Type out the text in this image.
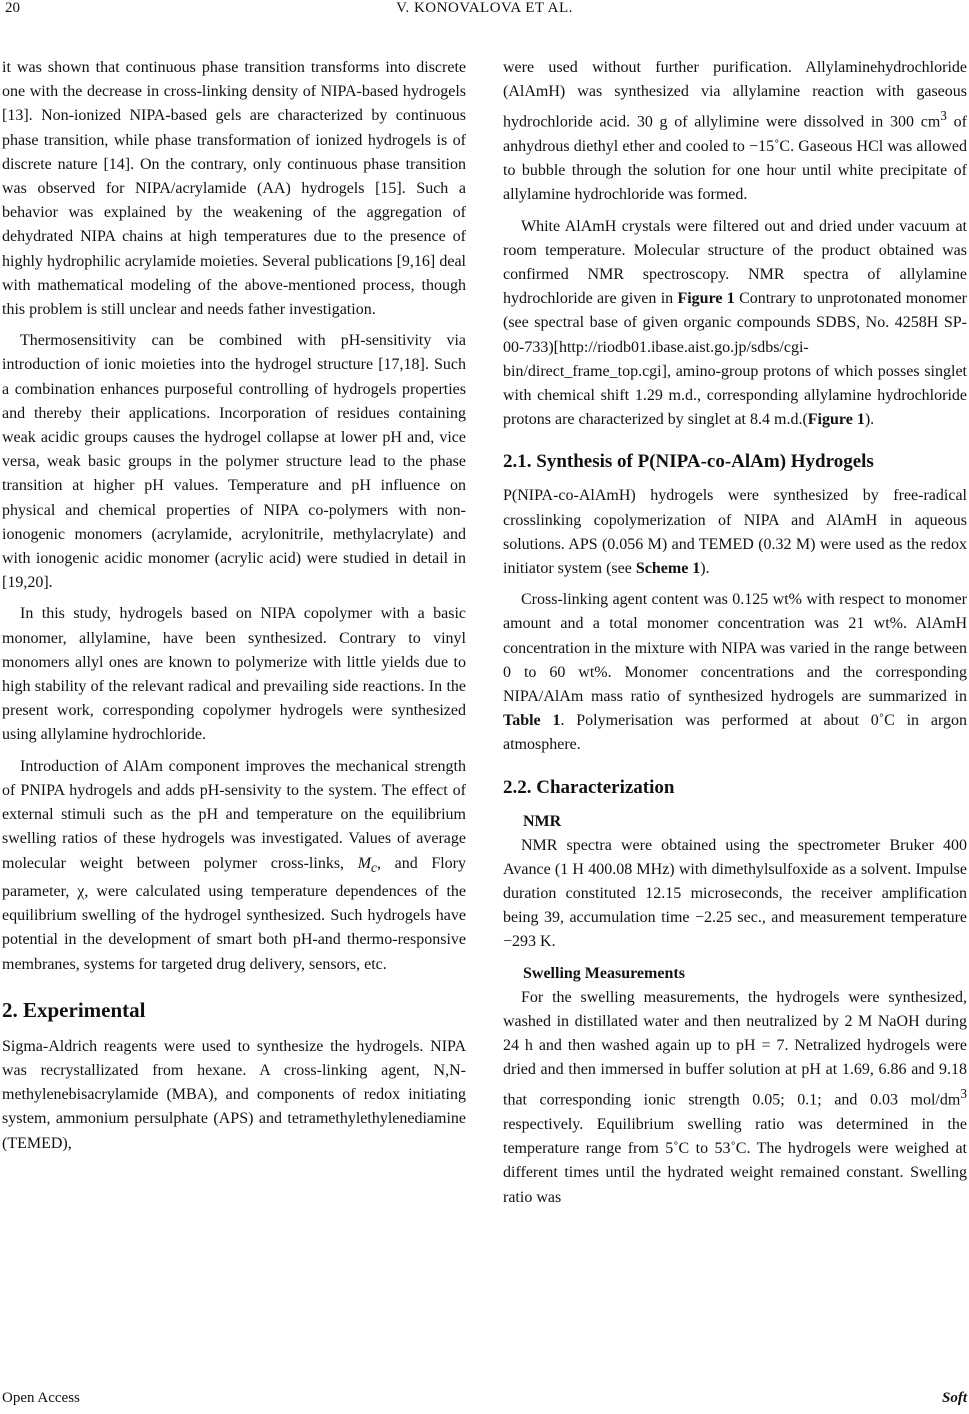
20	V. KONOVALOVA ET AL.

it was shown that continuous phase transition transforms into discrete one with the decrease in cross-linking density of NIPA-based hydrogels [13]. Non-ionized NIPA-based gels are characterized by continuous phase transition, while phase transformation of ionized hydrogels is of discrete nature [14]. On the contrary, only continuous phase transition was observed for NIPA/acrylamide (AA) hydrogels [15]. Such a behavior was explained by the weakening of the aggregation of dehydrated NIPA chains at high temperatures due to the presence of highly hydrophilic acrylamide moieties. Several publications [9,16] deal with mathematical modeling of the above-mentioned process, though this problem is still unclear and needs father investigation.

Thermosensitivity can be combined with pH-sensitivity via introduction of ionic moieties into the hydrogel structure [17,18]. Such a combination enhances purposeful controlling of hydrogels properties and thereby their applications. Incorporation of residues containing weak acidic groups causes the hydrogel collapse at lower pH and, vice versa, weak basic groups in the polymer structure lead to the phase transition at higher pH values. Temperature and pH influence on physical and chemical properties of NIPA co-polymers with non-ionogenic monomers (acrylamide, acrylonitrile, methylacrylate) and with ionogenic acidic monomer (acrylic acid) were studied in detail in [19,20].

In this study, hydrogels based on NIPA copolymer with a basic monomer, allylamine, have been synthesized. Contrary to vinyl monomers allyl ones are known to polymerize with little yields due to high stability of the relevant radical and prevailing side reactions. In the present work, corresponding copolymer hydrogels were synthesized using allylamine hydrochloride.

Introduction of AlAm component improves the mechanical strength of PNIPA hydrogels and adds pH-sensivity to the system. The effect of external stimuli such as the pH and temperature on the equilibrium swelling ratios of these hydrogels was investigated. Values of average molecular weight between polymer cross-links, $M_c$, and Flory parameter, χ, were calculated using temperature dependences of the equilibrium swelling of the hydrogel synthesized. Such hydrogels have potential in the development of smart both pH-and thermo-responsive membranes, systems for targeted drug delivery, sensors, etc.

2. Experimental

Sigma-Aldrich reagents were used to synthesize the hydrogels. NIPA was recrystallizated from hexane. A cross-linking agent, N,N-methylenebisacrylamide (MBA), and components of redox initiating system, ammonium persulphate (APS) and tetramethylethylenediamine (TEMED),

were used without further purification. Allylaminehydrochloride (AlAmH) was synthesized via allylamine reaction with gaseous hydrochloride acid. 30 g of allylimine were dissolved in 300 $cm^3$ of anhydrous diethyl ether and cooled to −15˚C. Gaseous HCl was allowed to bubble through the solution for one hour until white precipitate of allylamine hydrochloride was formed.

White AlAmH crystals were filtered out and dried under vacuum at room temperature. Molecular structure of the product obtained was confirmed NMR spectroscopy. NMR spectra of allylamine hydrochloride are given in Figure 1 Contrary to unprotonated monomer (see spectral base of given organic compounds SDBS, No. 4258H SP-00-733)[http://riodb01.ibase.aist.go.jp/sdbs/cgi-bin/direct_frame_top.cgi], amino-group protons of which posses singlet with chemical shift 1.29 m.d., corresponding allylamine hydrochloride protons are characterized by singlet at 8.4 m.d.(Figure 1).

2.1. Synthesis of P(NIPA-co-AlAm) Hydrogels

P(NIPA-co-AlAmH) hydrogels were synthesized by free-radical crosslinking copolymerization of NIPA and AlAmH in aqueous solutions. APS (0.056 M) and TEMED (0.32 M) were used as the redox initiator system (see Scheme 1).

Cross-linking agent content was 0.125 wt% with respect to monomer amount and a total monomer concentration was 21 wt%. AlAmH concentration in the mixture with NIPA was varied in the range between 0 to 60 wt%. Monomer concentrations and the corresponding NIPA/AlAm mass ratio of synthesized hydrogels are summarized in Table 1. Polymerisation was performed at about 0˚C in argon atmosphere.

2.2. Characterization
NMR

NMR spectra were obtained using the spectrometer Bruker 400 Avance (1 H 400.08 MHz) with dimethylsulfoxide as a solvent. Impulse duration constituted 12.15 microseconds, the receiver amplification being 39, accumulation time −2.25 sec., and measurement temperature −293 K.

Swelling Measurements

For the swelling measurements, the hydrogels were synthesized, washed in distillated water and then neutralized by 2 M NaOH during 24 h and then washed again up to pH = 7. Netralized hydrogels were dried and then immersed in buffer solution at pH at 1.69, 6.86 and 9.18 that corresponding ionic strength 0.05; 0.1; and 0.03 mol/$dm^3$ respectively. Equilibrium swelling ratio was determined in the temperature range from 5˚C to 53˚C. The hydrogels were weighed at different times until the hydrated weight remained constant. Swelling ratio was

Open Access	Soft
